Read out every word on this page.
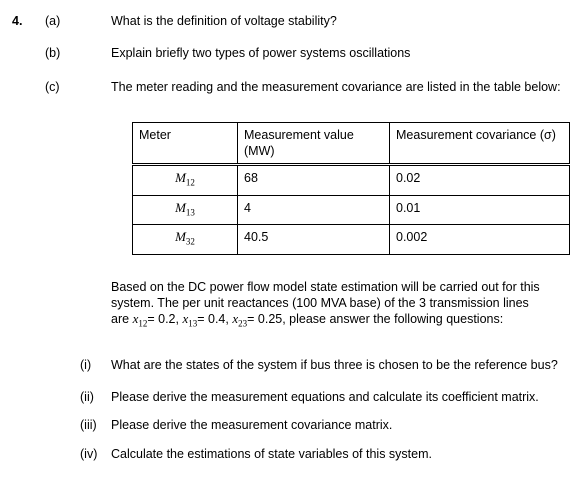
4. (a)	What is the definition of voltage stability?
(b)	Explain briefly two types of power systems oscillations
(c)	The meter reading and the measurement covariance are listed in the table below:
Meter	Measurement value (MW)	Measurement covariance (σ)
$M_{12}$	68	0.02
$M_{13}$	4	0.01
$M_{32}$	40.5	0.002
Based on the DC power flow model state estimation will be carried out for this
system. The per unit reactances (100 MVA base) of the 3 transmission lines
are $x_{12}= 0.2$, $x_{13}= 0.4$, $x_{23}= 0.25$, please answer the following questions:
(i) What are the states of the system if bus three is chosen to be the reference bus?
(ii) Please derive the measurement equations and calculate its coefficient matrix.
(iii) Please derive the measurement covariance matrix.
(iv) Calculate the estimations of state variables of this system.
